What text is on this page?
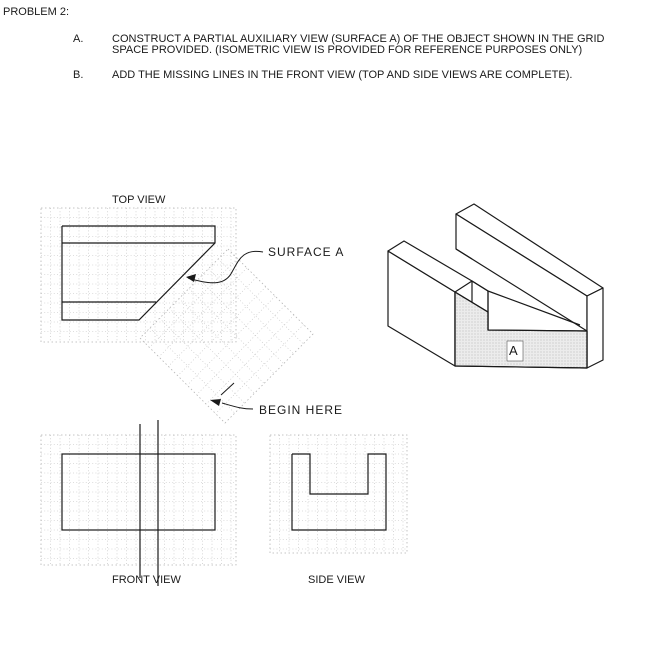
PROBLEM 2:
A.	CONSTRUCT A PARTIAL AUXILIARY VIEW (SURFACE A) OF THE OBJECT SHOWN IN THE GRID
SPACE PROVIDED. (ISOMETRIC VIEW IS PROVIDED FOR REFERENCE PURPOSES ONLY)
B.	ADD THE MISSING LINES IN THE FRONT VIEW (TOP AND SIDE VIEWS ARE COMPLETE).
TOP VIEW
FRONT VIEW	SIDE VIEW
SURFACE A
BEGIN HERE
A
